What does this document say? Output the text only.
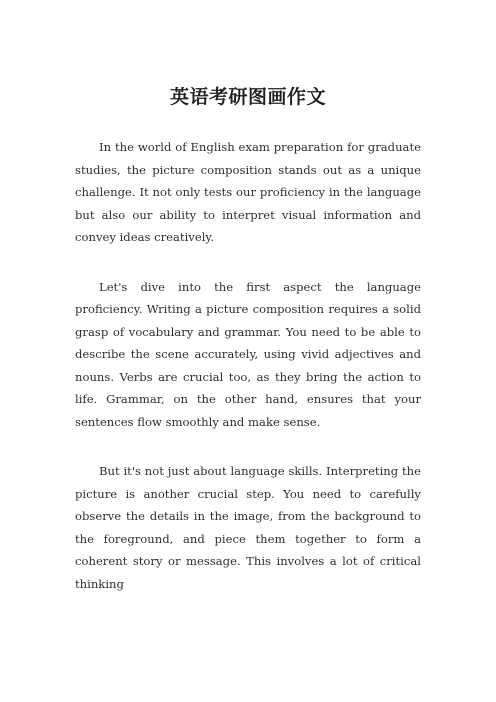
英语考研图画作文

In the world of English exam preparation for graduate studies, the picture composition stands out as a unique challenge. It not only tests our proficiency in the language but also our ability to interpret visual information and convey ideas creatively.

Let's dive into the first aspect the language proficiency. Writing a picture composition requires a solid grasp of vocabulary and grammar. You need to be able to describe the scene accurately, using vivid adjectives and nouns. Verbs are crucial too, as they bring the action to life. Grammar, on the other hand, ensures that your sentences flow smoothly and make sense.

But it's not just about language skills. Interpreting the picture is another crucial step. You need to carefully observe the details in the image, from the background to the foreground, and piece them together to form a coherent story or message. This involves a lot of critical thinking
